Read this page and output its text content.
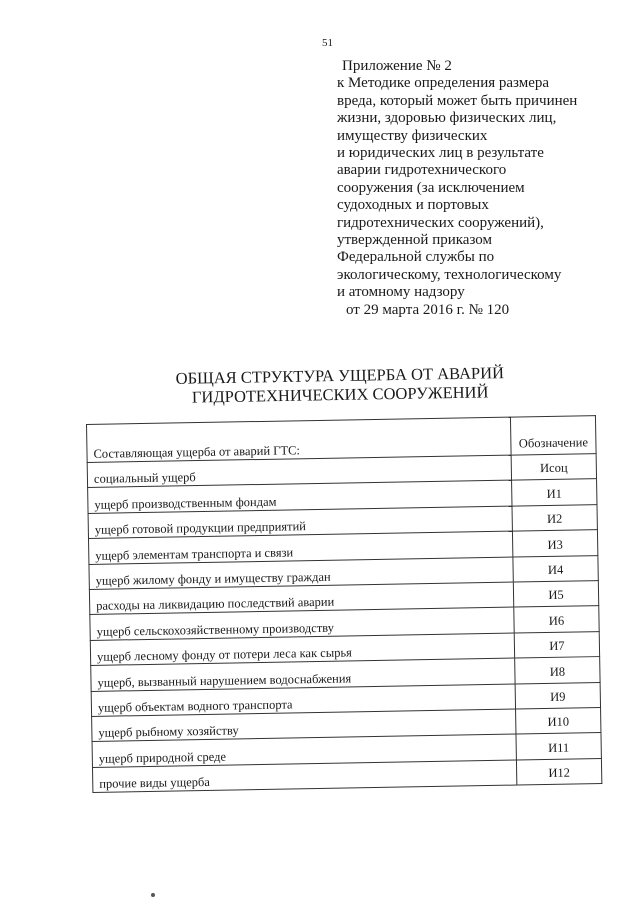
51
Приложение № 2
к Методике определения размера
вреда, который может быть причинен
жизни, здоровью физических лиц,
имуществу физических
и юридических лиц в результате
аварии гидротехнического
сооружения (за исключением
судоходных и портовых
гидротехнических сооружений),
утвержденной приказом
Федеральной службы по
экологическому, технологическому
и атомному надзору
от 29 марта 2016 г. № 120
ОБЩАЯ СТРУКТУРА УЩЕРБА ОТ АВАРИЙ
ГИДРОТЕХНИЧЕСКИХ СООРУЖЕНИЙ
Составляющая ущерба от аварий ГТС:	Обозначение
социальный ущерб	Исоц
ущерб производственным фондам	И1
ущерб готовой продукции предприятий	И2
ущерб элементам транспорта и связи	И3
ущерб жилому фонду и имуществу граждан	И4
расходы на ликвидацию последствий аварии	И5
ущерб сельскохозяйственному производству	И6
ущерб лесному фонду от потери леса как сырья	И7
ущерб, вызванный нарушением водоснабжения	И8
ущерб объектам водного транспорта	И9
ущерб рыбному хозяйству	И10
ущерб природной среде	И11
прочие виды ущерба	И12
